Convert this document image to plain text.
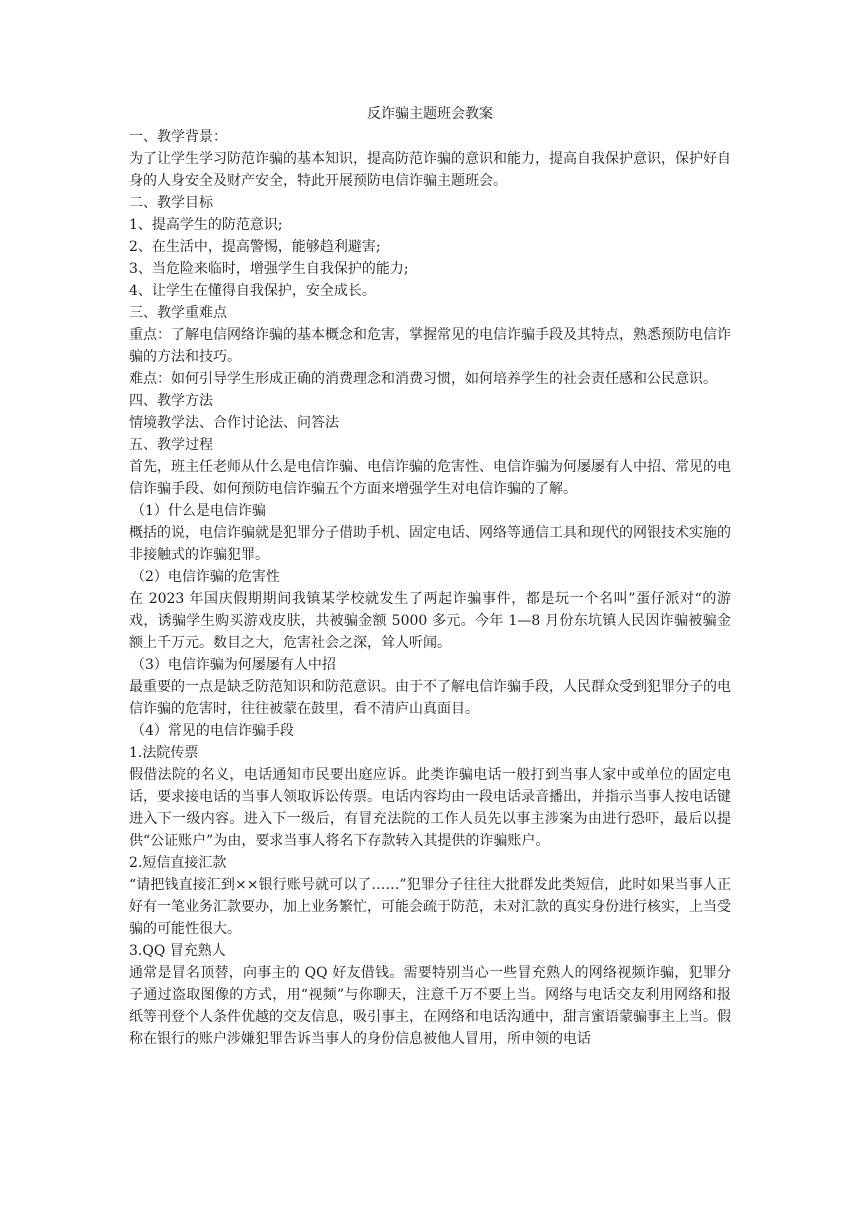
反诈骗主题班会教案

一、教学背景：

为了让学生学习防范诈骗的基本知识，提高防范诈骗的意识和能力，提高自我保护意识，保护好自身的人身安全及财产安全，特此开展预防电信诈骗主题班会。

二、教学目标

1、提高学生的防范意识;

2、在生活中，提高警惕，能够趋利避害;

3、当危险来临时，增强学生自我保护的能力;

4、让学生在懂得自我保护，安全成长。

三、教学重难点

重点：了解电信网络诈骗的基本概念和危害，掌握常见的电信诈骗手段及其特点，熟悉预防电信诈骗的方法和技巧。

难点：如何引导学生形成正确的消费理念和消费习惯，如何培养学生的社会责任感和公民意识。

四、教学方法

情境教学法、合作讨论法、问答法

五、教学过程

首先，班主任老师从什么是电信诈骗、电信诈骗的危害性、电信诈骗为何屡屡有人中招、常见的电信诈骗手段、如何预防电信诈骗五个方面来增强学生对电信诈骗的了解。

（1）什么是电信诈骗

概括的说，电信诈骗就是犯罪分子借助手机、固定电话、网络等通信工具和现代的网银技术实施的非接触式的诈骗犯罪。

（2）电信诈骗的危害性

在 2023 年国庆假期期间我镇某学校就发生了两起诈骗事件，都是玩一个名叫”蛋仔派对“的游戏，诱骗学生购买游戏皮肤，共被骗金额 5000 多元。今年 1—8 月份东坑镇人民因诈骗被骗金额上千万元。数目之大，危害社会之深，耸人听闻。

（3）电信诈骗为何屡屡有人中招

最重要的一点是缺乏防范知识和防范意识。由于不了解电信诈骗手段，人民群众受到犯罪分子的电信诈骗的危害时，往往被蒙在鼓里，看不清庐山真面目。

（4）常见的电信诈骗手段

1.法院传票

假借法院的名义，电话通知市民要出庭应诉。此类诈骗电话一般打到当事人家中或单位的固定电话，要求接电话的当事人领取诉讼传票。电话内容均由一段电话录音播出，并指示当事人按电话键进入下一级内容。进入下一级后，有冒充法院的工作人员先以事主涉案为由进行恐吓，最后以提供“公证账户”为由，要求当事人将名下存款转入其提供的诈骗账户。

2.短信直接汇款

“请把钱直接汇到××银行账号就可以了……”犯罪分子往往大批群发此类短信，此时如果当事人正好有一笔业务汇款要办，加上业务繁忙，可能会疏于防范，未对汇款的真实身份进行核实，上当受骗的可能性很大。

3.QQ 冒充熟人

通常是冒名顶替，向事主的 QQ 好友借钱。需要特别当心一些冒充熟人的网络视频诈骗，犯罪分子通过盗取图像的方式，用“视频”与你聊天，注意千万不要上当。网络与电话交友利用网络和报纸等刊登个人条件优越的交友信息，吸引事主，在网络和电话沟通中，甜言蜜语蒙骗事主上当。假称在银行的账户涉嫌犯罪告诉当事人的身份信息被他人冒用，所申领的电话
